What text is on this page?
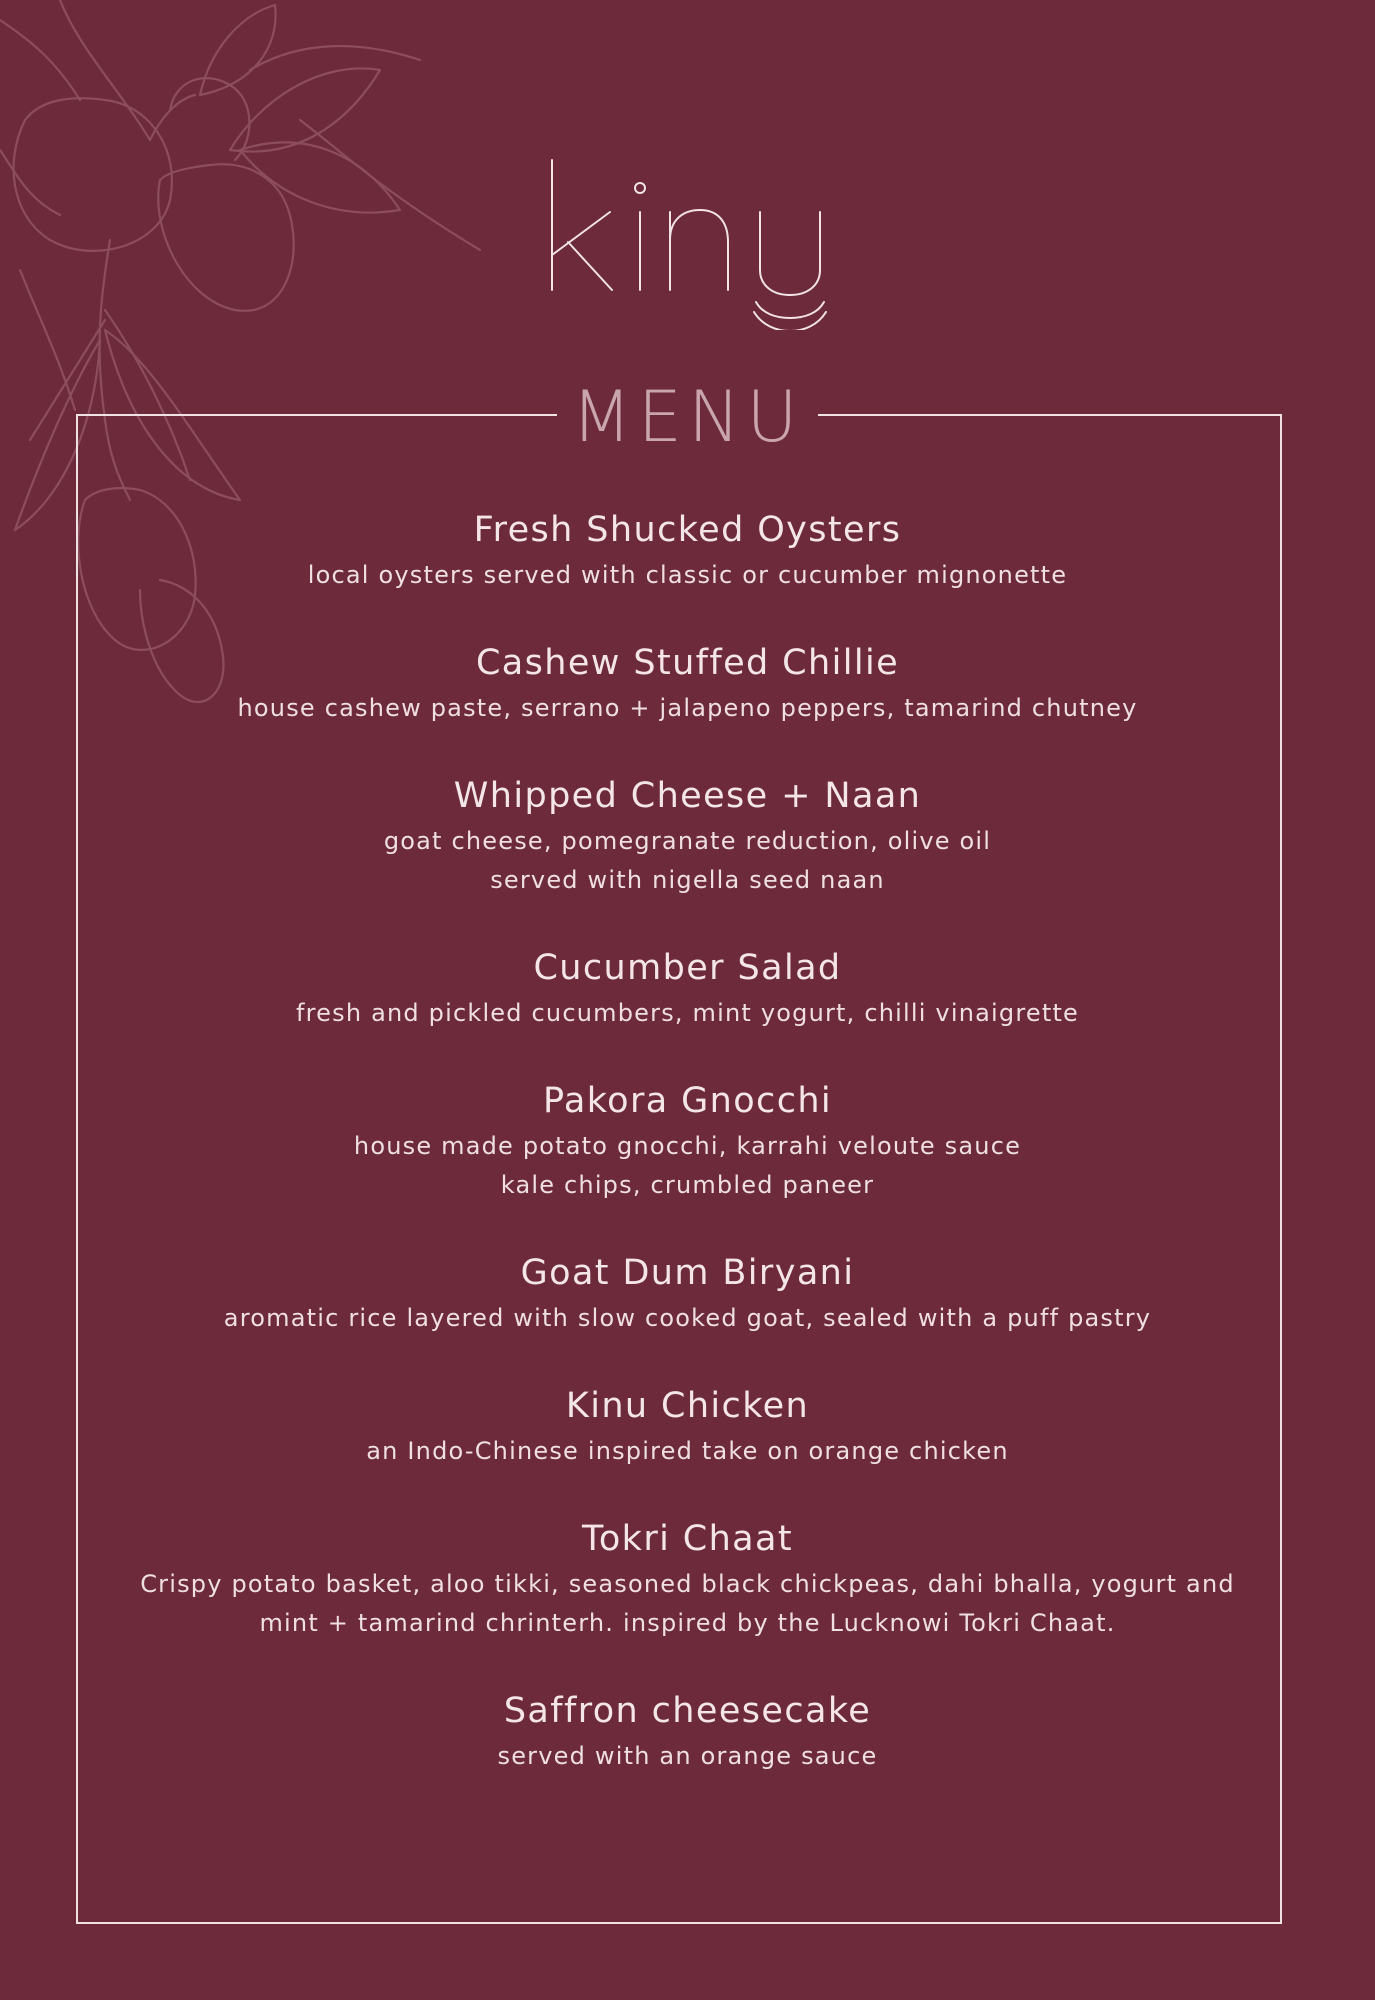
MENU
Fresh Shucked Oysters
local oysters served with classic or cucumber mignonette
Cashew Stuffed Chillie
house cashew paste, serrano + jalapeno peppers, tamarind chutney
Whipped Cheese + Naan
goat cheese, pomegranate reduction, olive oil
served with nigella seed naan
Cucumber Salad
fresh and pickled cucumbers, mint yogurt, chilli vinaigrette
Pakora Gnocchi
house made potato gnocchi, karrahi veloute sauce
kale chips, crumbled paneer
Goat Dum Biryani
aromatic rice layered with slow cooked goat, sealed with a puff pastry
Kinu Chicken
an Indo-Chinese inspired take on orange chicken
Tokri Chaat
Crispy potato basket, aloo tikki, seasoned black chickpeas, dahi bhalla, yogurt and mint + tamarind chrinterh. inspired by the Lucknowi Tokri Chaat.
Saffron cheesecake
served with an orange sauce
